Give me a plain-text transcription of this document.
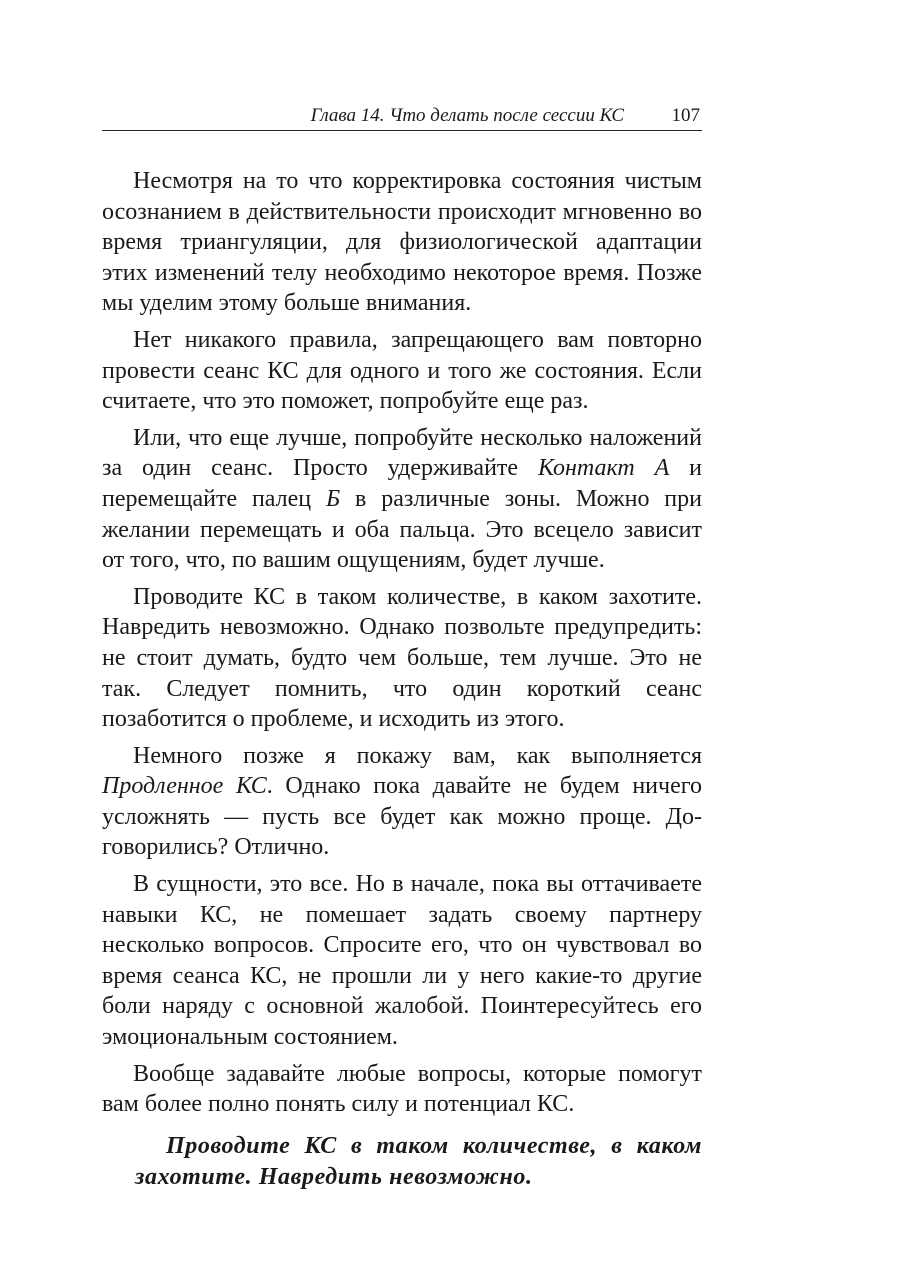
Глава 14. Что делать после сессии КС	107

Несмотря на то что корректировка состояния чистым осознанием в действительности происходит мгновенно во время триангуляции, для физиологической адаптации этих изменений телу необходимо некоторое время. Позже мы уделим этому больше внимания.

Нет никакого правила, запрещающего вам повторно провести сеанс КС для одного и того же состояния. Если считаете, что это поможет, попробуйте еще раз.

Или, что еще лучше, попробуйте несколько наложений за один сеанс. Просто удерживайте Контакт А и перемещайте палец Б в различные зоны. Можно при желании перемещать и оба пальца. Это всецело зависит от того, что, по вашим ощущениям, будет лучше.

Проводите КС в таком количестве, в каком захотите. Навредить невозможно. Однако позвольте предупредить: не стоит думать, будто чем больше, тем лучше. Это не так. Следует помнить, что один короткий сеанс позаботится о проблеме, и исходить из этого.

Немного позже я покажу вам, как выполняется Продленное КС. Однако пока давайте не будем ничего усложнять — пусть все будет как можно проще. Договорились? Отлично.

В сущности, это все. Но в начале, пока вы оттачиваете навыки КС, не помешает задать своему партнеру несколько вопросов. Спросите его, что он чувствовал во время сеанса КС, не прошли ли у него какие-то другие боли наряду с основной жалобой. Поинтересуйтесь его эмоциональным состоянием.

Вообще задавайте любые вопросы, которые помогут вам более полно понять силу и потенциал КС.

Проводите КС в таком количестве, в каком захотите. Навредить невозможно.
